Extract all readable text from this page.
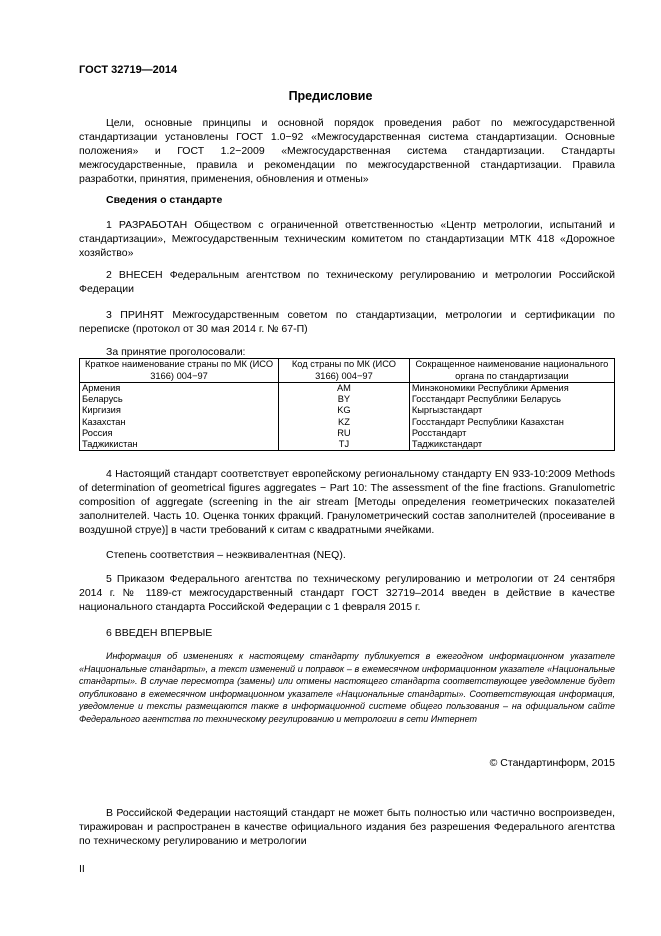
ГОСТ 32719—2014
Предисловие
Цели, основные принципы и основной порядок проведения работ по межгосударственной стандартизации установлены ГОСТ 1.0−92 «Межгосударственная система стандартизации. Основные положения» и ГОСТ 1.2−2009 «Межгосударственная система стандартизации. Стандарты межгосударственные, правила и рекомендации по межгосударственной стандартизации. Правила разработки, принятия, применения, обновления и отмены»
Сведения о стандарте
1 РАЗРАБОТАН Обществом с ограниченной ответственностью «Центр метрологии, испытаний и стандартизации», Межгосударственным техническим комитетом по стандартизации МТК 418 «Дорожное хозяйство»
2 ВНЕСЕН Федеральным агентством по техническому регулированию и метрологии Российской Федерации
3 ПРИНЯТ Межгосударственным советом по стандартизации, метрологии и сертификации по переписке (протокол от 30 мая 2014 г. № 67-П)
За принятие проголосовали:
Краткое наименование страны по МК (ИСО 3166) 004−97	Код страны по МК (ИСО 3166) 004−97	Сокращенное наименование национального органа по стандартизации
Армения	AM	Минэкономики Республики Армения
Беларусь	BY	Госстандарт Республики Беларусь
Киргизия	KG	Кыргызстандарт
Казахстан	KZ	Госстандарт Республики Казахстан
Россия	RU	Росстандарт
Таджикистан	TJ	Таджикстандарт
4 Настоящий стандарт соответствует европейскому региональному стандарту EN 933-10:2009 Methods of determination of geometrical figures aggregates − Part 10: The assessment of the fine fractions. Granulometric composition of aggregate (screening in the air stream [Методы определения геометрических показателей заполнителей. Часть 10. Оценка тонких фракций. Гранулометрический состав заполнителей (просеивание в воздушной струе)] в части требований к ситам с квадратными ячейками.
Степень соответствия – неэквивалентная (NEQ).
5 Приказом Федерального агентства по техническому регулированию и метрологии от 24 сентября 2014 г. № 1189-ст межгосударственный стандарт ГОСТ 32719–2014 введен в действие в качестве национального стандарта Российской Федерации с 1 февраля 2015 г.
6 ВВЕДЕН ВПЕРВЫЕ
Информация об изменениях к настоящему стандарту публикуется в ежегодном информационном указателе «Национальные стандарты», а текст изменений и поправок – в ежемесячном информационном указателе «Национальные стандарты». В случае пересмотра (замены) или отмены настоящего стандарта соответствующее уведомление будет опубликовано в ежемесячном информационном указателе «Национальные стандарты». Соответствующая информация, уведомление и тексты размещаются также в информационной системе общего пользования – на официальном сайте Федерального агентства по техническому регулированию и метрологии в сети Интернет
© Стандартинформ, 2015
В Российской Федерации настоящий стандарт не может быть полностью или частично воспроизведен, тиражирован и распространен в качестве официального издания без разрешения Федерального агентства по техническому регулированию и метрологии
II
